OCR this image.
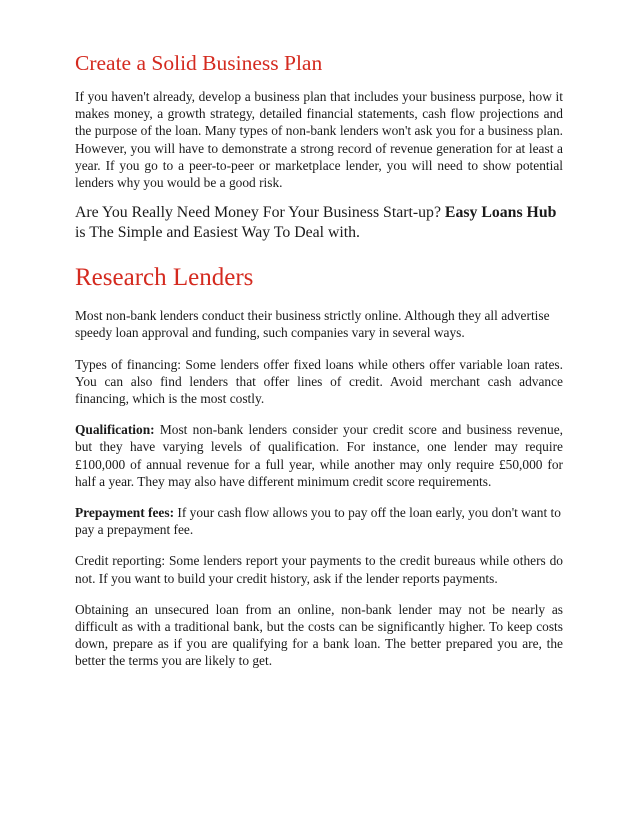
Create a Solid Business Plan

If you haven't already, develop a business plan that includes your business purpose, how it makes money, a growth strategy, detailed financial statements, cash flow projections and the purpose of the loan. Many types of non-bank lenders won't ask you for a business plan. However, you will have to demonstrate a strong record of revenue generation for at least a year. If you go to a peer-to-peer or marketplace lender, you will need to show potential lenders why you would be a good risk.

Are You Really Need Money For Your Business Start-up? Easy Loans Hub is The Simple and Easiest Way To Deal with.

Research Lenders

Most non-bank lenders conduct their business strictly online. Although they all advertise speedy loan approval and funding, such companies vary in several ways.

Types of financing: Some lenders offer fixed loans while others offer variable loan rates. You can also find lenders that offer lines of credit. Avoid merchant cash advance financing, which is the most costly.

Qualification: Most non-bank lenders consider your credit score and business revenue, but they have varying levels of qualification. For instance, one lender may require £100,000 of annual revenue for a full year, while another may only require £50,000 for half a year. They may also have different minimum credit score requirements.

Prepayment fees: If your cash flow allows you to pay off the loan early, you don't want to pay a prepayment fee.

Credit reporting: Some lenders report your payments to the credit bureaus while others do not. If you want to build your credit history, ask if the lender reports payments.

Obtaining an unsecured loan from an online, non-bank lender may not be nearly as difficult as with a traditional bank, but the costs can be significantly higher. To keep costs down, prepare as if you are qualifying for a bank loan. The better prepared you are, the better the terms you are likely to get.
